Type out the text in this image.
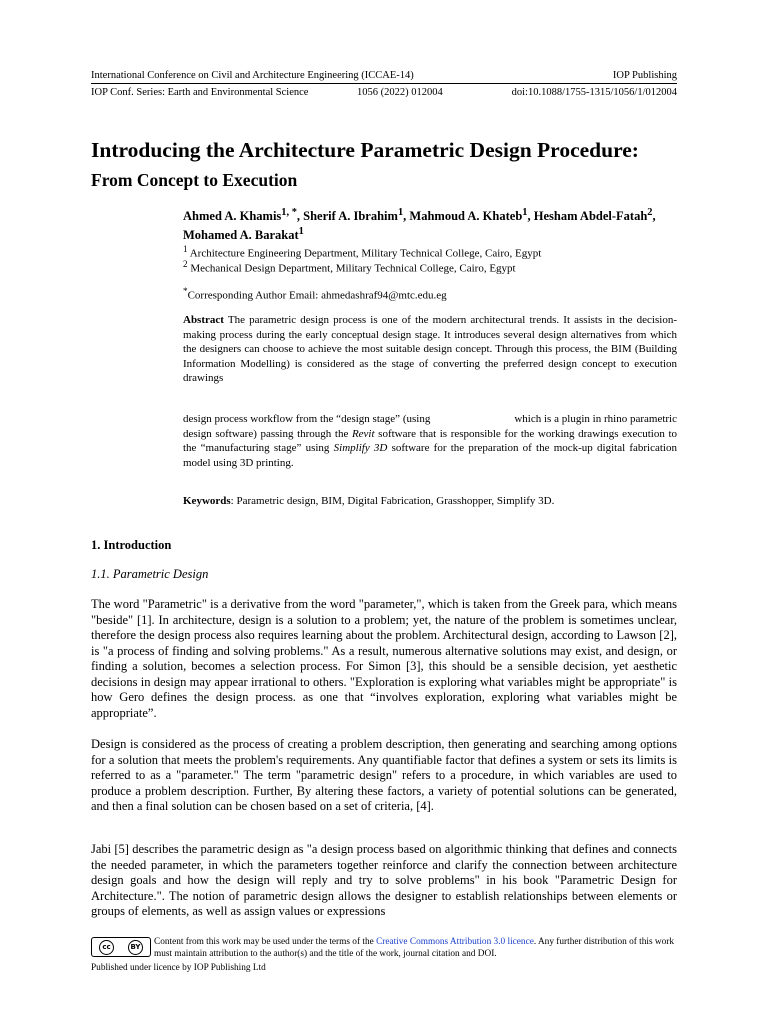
International Conference on Civil and Architecture Engineering (ICCAE-14)	IOP Publishing
IOP Conf. Series: Earth and Environmental Science	1056 (2022) 012004	doi:10.1088/1755-1315/1056/1/012004
Introducing the Architecture Parametric Design Procedure:
From Concept to Execution
Ahmed A. Khamis$^{1, *}$, Sherif A. Ibrahim$^1$, Mahmoud A. Khateb$^1$, Hesham Abdel-Fatah$^2$, Mohamed A. Barakat$^1$
$^1$ Architecture Engineering Department, Military Technical College, Cairo, Egypt
$^2$ Mechanical Design Department, Military Technical College, Cairo, Egypt
*Corresponding Author Email: ahmedashraf94@mtc.edu.eg
Abstract The parametric design process is one of the modern architectural trends. It assists in the decision-making process during the early conceptual design stage. It introduces several design alternatives from which the designers can choose to achieve the most suitable design concept. Through this process, the BIM (Building Information Modelling) is considered as the stage of converting the preferred design concept to execution drawings
design process workflow from the “design stage” (using	which is a plugin in rhino parametric design software) passing through the Revit software that is responsible for the working drawings execution to the “manufacturing stage” using Simplify 3D software for the preparation of the mock-up digital fabrication model using 3D printing.
Keywords: Parametric design, BIM, Digital Fabrication, Grasshopper, Simplify 3D.
1. Introduction
1.1. Parametric Design
The word "Parametric" is a derivative from the word "parameter,", which is taken from the Greek para, which means "beside" [1]. In architecture, design is a solution to a problem; yet, the nature of the problem is sometimes unclear, therefore the design process also requires learning about the problem. Architectural design, according to Lawson [2], is "a process of finding and solving problems." As a result, numerous alternative solutions may exist, and design, or finding a solution, becomes a selection process. For Simon [3], this should be a sensible decision, yet aesthetic decisions in design may appear irrational to others. "Exploration is exploring what variables might be appropriate" is how Gero defines the design process. as one that “involves exploration, exploring what variables might be appropriate”.
Design is considered as the process of creating a problem description, then generating and searching among options for a solution that meets the problem's requirements. Any quantifiable factor that defines a system or sets its limits is referred to as a "parameter." The term "parametric design" refers to a procedure, in which variables are used to produce a problem description. Further, By altering these factors, a variety of potential solutions can be generated, and then a final solution can be chosen based on a set of criteria, [4].
Jabi [5] describes the parametric design as "a design process based on algorithmic thinking that defines and connects the needed parameter, in which the parameters together reinforce and clarify the connection between architecture design goals and how the design will reply and try to solve problems" in his book "Parametric Design for Architecture.". The notion of parametric design allows the designer to establish relationships between elements or groups of elements, as well as assign values or expressions
cc	BY Content from this work may be used under the terms of the Creative Commons Attribution 3.0 licence. Any further distribution of this work must maintain attribution to the author(s) and the title of the work, journal citation and DOI.
Published under licence by IOP Publishing Ltd
